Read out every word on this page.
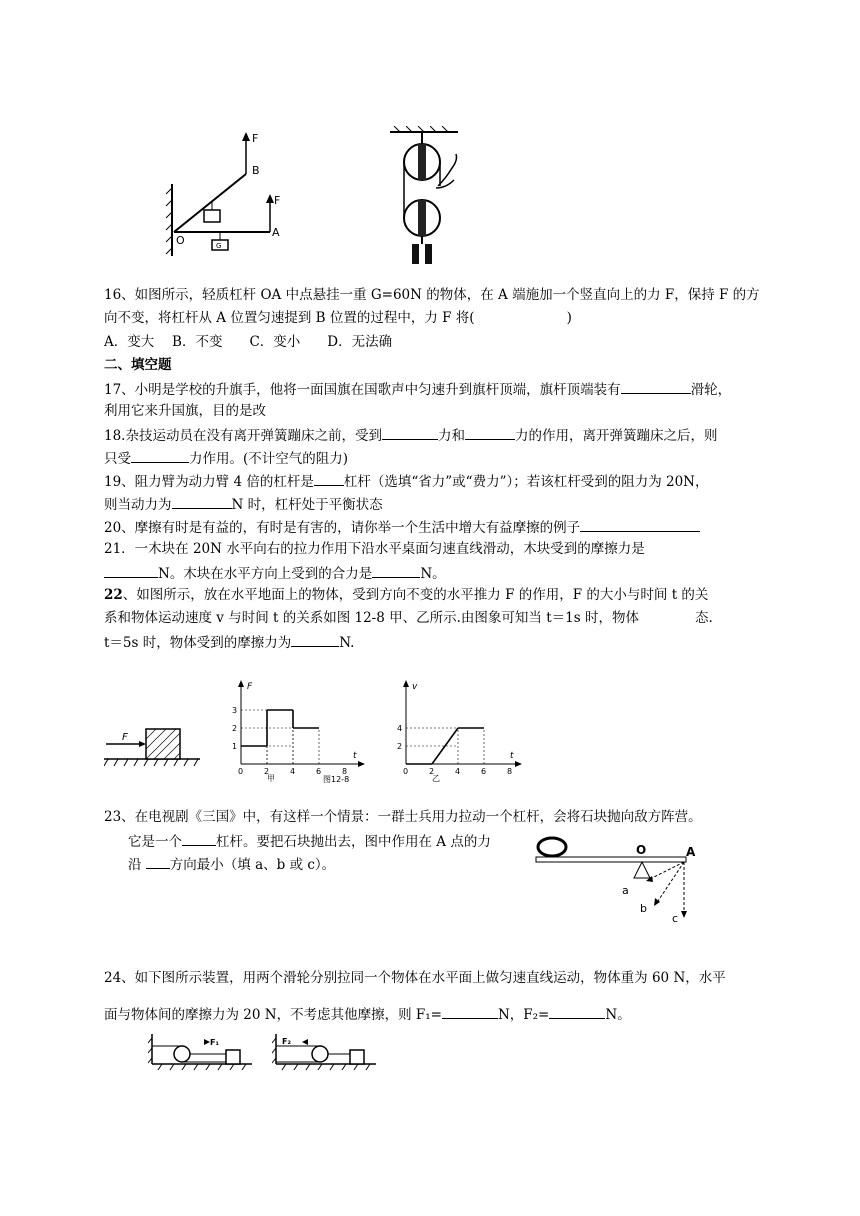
F
B
F
A
O	G
16、如图所示，轻质杠杆 OA 中点悬挂一重 G=60N 的物体，在 A 端施加一个竖直向上的力 F，保持 F 的方
向不变，将杠杆从 A 位置匀速提到 B 位置的过程中，力 F 将(	)
A．变大　 B．不变　　C．变小　　D．无法确
二、填空题
17、小明是学校的升旗手，他将一面国旗在国歌声中匀速升到旗杆顶端，旗杆顶端装有	滑轮，
利用它来升国旗，目的是改
18.杂技运动员在没有离开弹簧蹦床之前，受到	力和	力的作用，离开弹簧蹦床之后，则
只受	力作用。(不计空气的阻力)
19、阻力臂为动力臂 4 倍的杠杆是 杠杆（选填“省力”或“费力”）；若该杠杆受到的阻力为 20N，
则当动力为	N 时，杠杆处于平衡状态
20、摩擦有时是有益的，有时是有害的，请你举一个生活中增大有益摩擦的例子
21．一木块在 20N 水平向右的拉力作用下沿水平桌面匀速直线滑动，木块受到的摩擦力是
N。木块在水平方向上受到的合力是	N。
22、如图所示，放在水平地面上的物体，受到方向不变的水平推力 F 的作用，F 的大小与时间 t 的关
系和物体运动速度 v 与时间 t 的关系如图 12-8 甲、乙所示.由图象可知当 t＝1s 时，物体	态.
t＝5s 时，物体受到的摩擦力为	N.
F
F
t
0	2	4	6	8
1
2
3
甲	图12-8
v
t
0	2	4	6	8
2
4
乙
23、在电视剧《三国》中，有这样一个情景：一群士兵用力拉动一个杠杆，会将石块抛向敌方阵营。
它是一个	杠杆。要把石块抛出去，图中作用在 A 点的力
沿 方向最小（填 a、b 或 c）。
O	A
a
b
c
24、如下图所示装置，用两个滑轮分别拉同一个物体在水平面上做匀速直线运动，物体重为 60 N，水平
面与物体间的摩擦力为 20 N，不考虑其他摩擦，则 F₁=	N，F₂=	N。
F₁	F₂
